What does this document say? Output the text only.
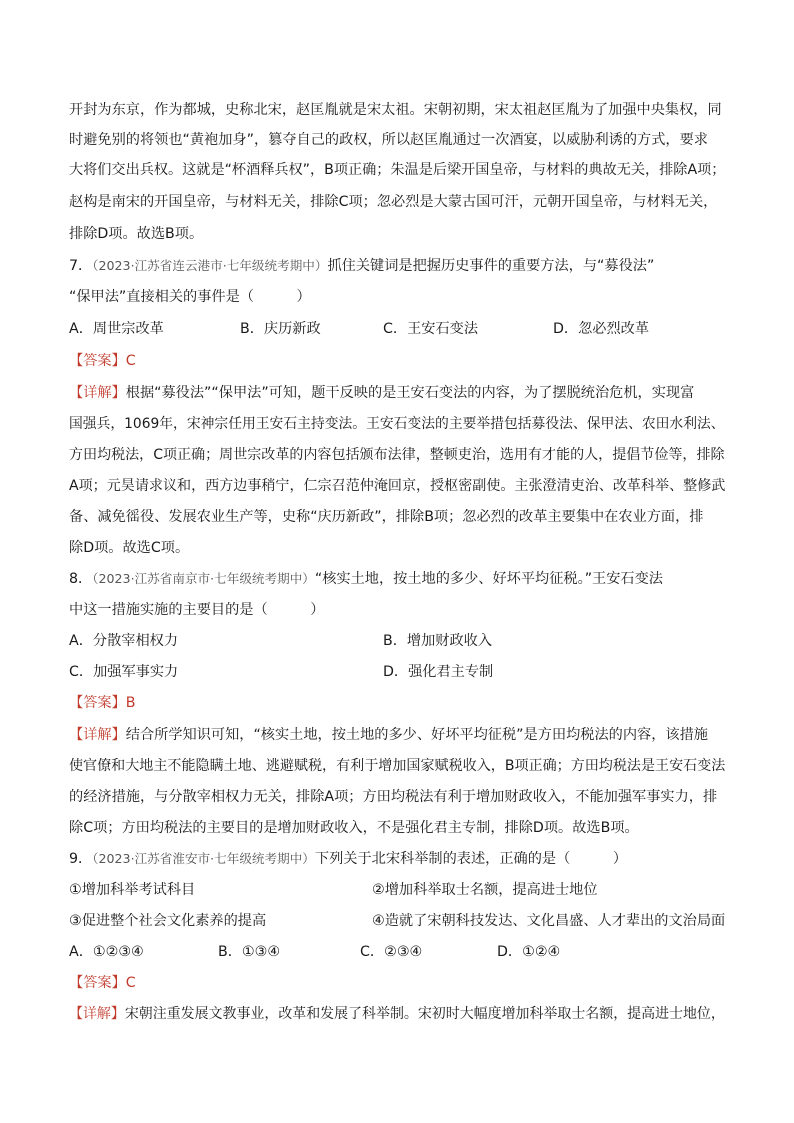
开封为东京，作为都城，史称北宋，赵匡胤就是宋太祖。宋朝初期，宋太祖赵匡胤为了加强中央集权，同
时避免别的将领也“黄袍加身”，篡夺自己的政权，所以赵匡胤通过一次酒宴，以威胁利诱的方式，要求
大将们交出兵权。这就是“杯酒释兵权”，B项正确；朱温是后梁开国皇帝，与材料的典故无关，排除A项；
赵构是南宋的开国皇帝，与材料无关，排除C项；忽必烈是大蒙古国可汗，元朝开国皇帝，与材料无关，
排除D项。故选B项。
7．（2023·江苏省连云港市·七年级统考期中）抓住关键词是把握历史事件的重要方法，与“募役法”
“保甲法”直接相关的事件是（　　　）
A．周世宗改革	B．庆历新政	C．王安石变法	D．忽必烈改革
【答案】C
【详解】根据“募役法”“保甲法”可知，题干反映的是王安石变法的内容，为了摆脱统治危机，实现富
国强兵，1069年，宋神宗任用王安石主持变法。王安石变法的主要举措包括募役法、保甲法、农田水利法、
方田均税法，C项正确；周世宗改革的内容包括颁布法律，整顿吏治，选用有才能的人，提倡节俭等，排除
A项；元昊请求议和，西方边事稍宁，仁宗召范仲淹回京，授枢密副使。主张澄清吏治、改革科举、整修武
备、减免徭役、发展农业生产等，史称“庆历新政”，排除B项；忽必烈的改革主要集中在农业方面，排
除D项。故选C项。
8．（2023·江苏省南京市·七年级统考期中）“核实土地，按土地的多少、好坏平均征税。”王安石变法
中这一措施实施的主要目的是（　　　）
A．分散宰相权力	B．增加财政收入
C．加强军事实力	D．强化君主专制
【答案】B
【详解】结合所学知识可知，“核实土地，按土地的多少、好坏平均征税”是方田均税法的内容，该措施
使官僚和大地主不能隐瞒土地、逃避赋税，有利于增加国家赋税收入，B项正确；方田均税法是王安石变法
的经济措施，与分散宰相权力无关，排除A项；方田均税法有利于增加财政收入，不能加强军事实力，排
除C项；方田均税法的主要目的是增加财政收入，不是强化君主专制，排除D项。故选B项。
9．（2023·江苏省淮安市·七年级统考期中）下列关于北宋科举制的表述，正确的是（　　　）
①增加科举考试科目	②增加科举取士名额，提高进士地位
③促进整个社会文化素养的提高	④造就了宋朝科技发达、文化昌盛、人才辈出的文治局面
A．①②③④	B．①③④	C．②③④	D．①②④
【答案】C
【详解】宋朝注重发展文教事业，改革和发展了科举制。宋初时大幅度增加科举取士名额，提高进士地位，
